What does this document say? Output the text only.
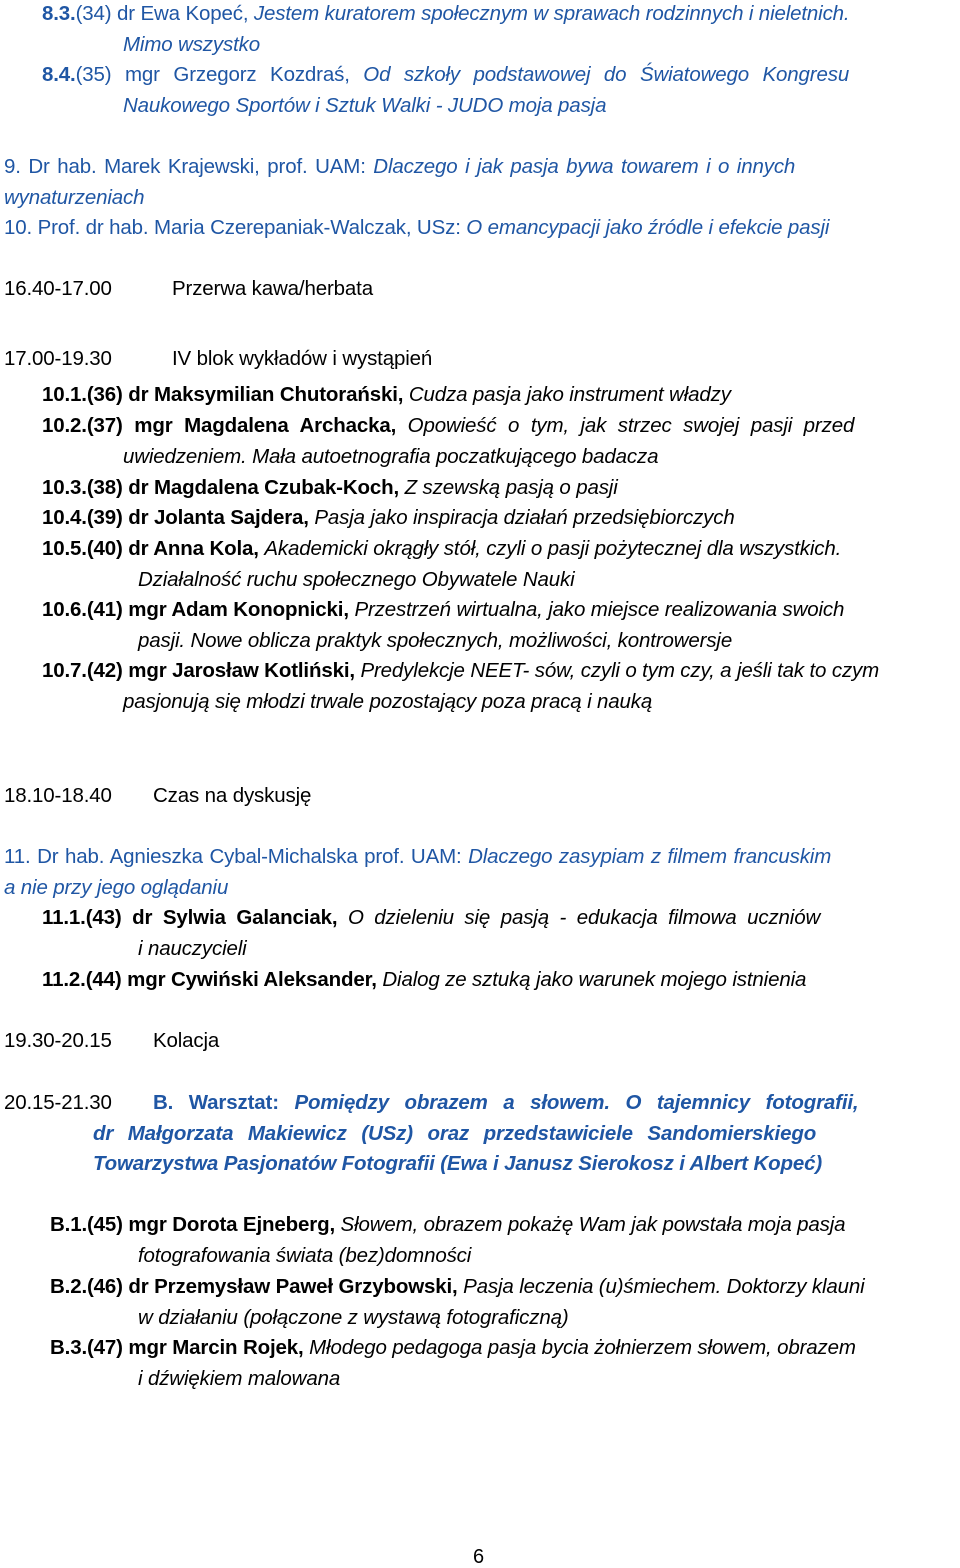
8.3.(34) dr Ewa Kopeć, Jestem kuratorem społecznym w sprawach rodzinnych i nieletnich.
Mimo wszystko
8.4.(35) mgr Grzegorz Kozdraś, Od szkoły podstawowej do Światowego Kongresu
Naukowego Sportów i Sztuk Walki - JUDO moja pasja
9. Dr hab. Marek Krajewski, prof. UAM: Dlaczego i jak pasja bywa towarem i o innych
wynaturzeniach
10. Prof. dr hab. Maria Czerepaniak-Walczak, USz: O emancypacji jako źródle i efekcie pasji
16.40-17.00	Przerwa kawa/herbata
17.00-19.30	IV blok wykładów i wystąpień
10.1.(36) dr Maksymilian Chutorański, Cudza pasja jako instrument władzy
10.2.(37) mgr Magdalena Archacka, Opowieść o tym, jak strzec swojej pasji przed
uwiedzeniem. Mała autoetnografia poczatkującego badacza
10.3.(38) dr Magdalena Czubak-Koch, Z szewską pasją o pasji
10.4.(39) dr Jolanta Sajdera, Pasja jako inspiracja działań przedsiębiorczych
10.5.(40) dr Anna Kola, Akademicki okrągły stół, czyli o pasji pożytecznej dla wszystkich.
Działalność ruchu społecznego Obywatele Nauki
10.6.(41) mgr Adam Konopnicki, Przestrzeń wirtualna, jako miejsce realizowania swoich
pasji. Nowe oblicza praktyk społecznych, możliwości, kontrowersje
10.7.(42) mgr Jarosław Kotliński, Predylekcje NEET- sów, czyli o tym czy, a jeśli tak to czym
pasjonują się młodzi trwale pozostający poza pracą i nauką
18.10-18.40 Czas na dyskusję
11. Dr hab. Agnieszka Cybal-Michalska prof. UAM: Dlaczego zasypiam z filmem francuskim
a nie przy jego oglądaniu
11.1.(43) dr Sylwia Galanciak, O dzieleniu się pasją - edukacja filmowa uczniów
i nauczycieli
11.2.(44) mgr Cywiński Aleksander, Dialog ze sztuką jako warunek mojego istnienia
19.30-20.15 Kolacja
20.15-21.30 B. Warsztat: Pomiędzy obrazem a słowem. O tajemnicy fotografii,
dr Małgorzata Makiewicz (USz) oraz przedstawiciele Sandomierskiego
Towarzystwa Pasjonatów Fotografii (Ewa i Janusz Sierokosz i Albert Kopeć)
B.1.(45) mgr Dorota Ejneberg, Słowem, obrazem pokażę Wam jak powstała moja pasja
fotografowania świata (bez)domności
B.2.(46) dr Przemysław Paweł Grzybowski, Pasja leczenia (u)śmiechem. Doktorzy klauni
w działaniu (połączone z wystawą fotograficzną)
B.3.(47) mgr Marcin Rojek, Młodego pedagoga pasja bycia żołnierzem słowem, obrazem
i dźwiękiem malowana
6
